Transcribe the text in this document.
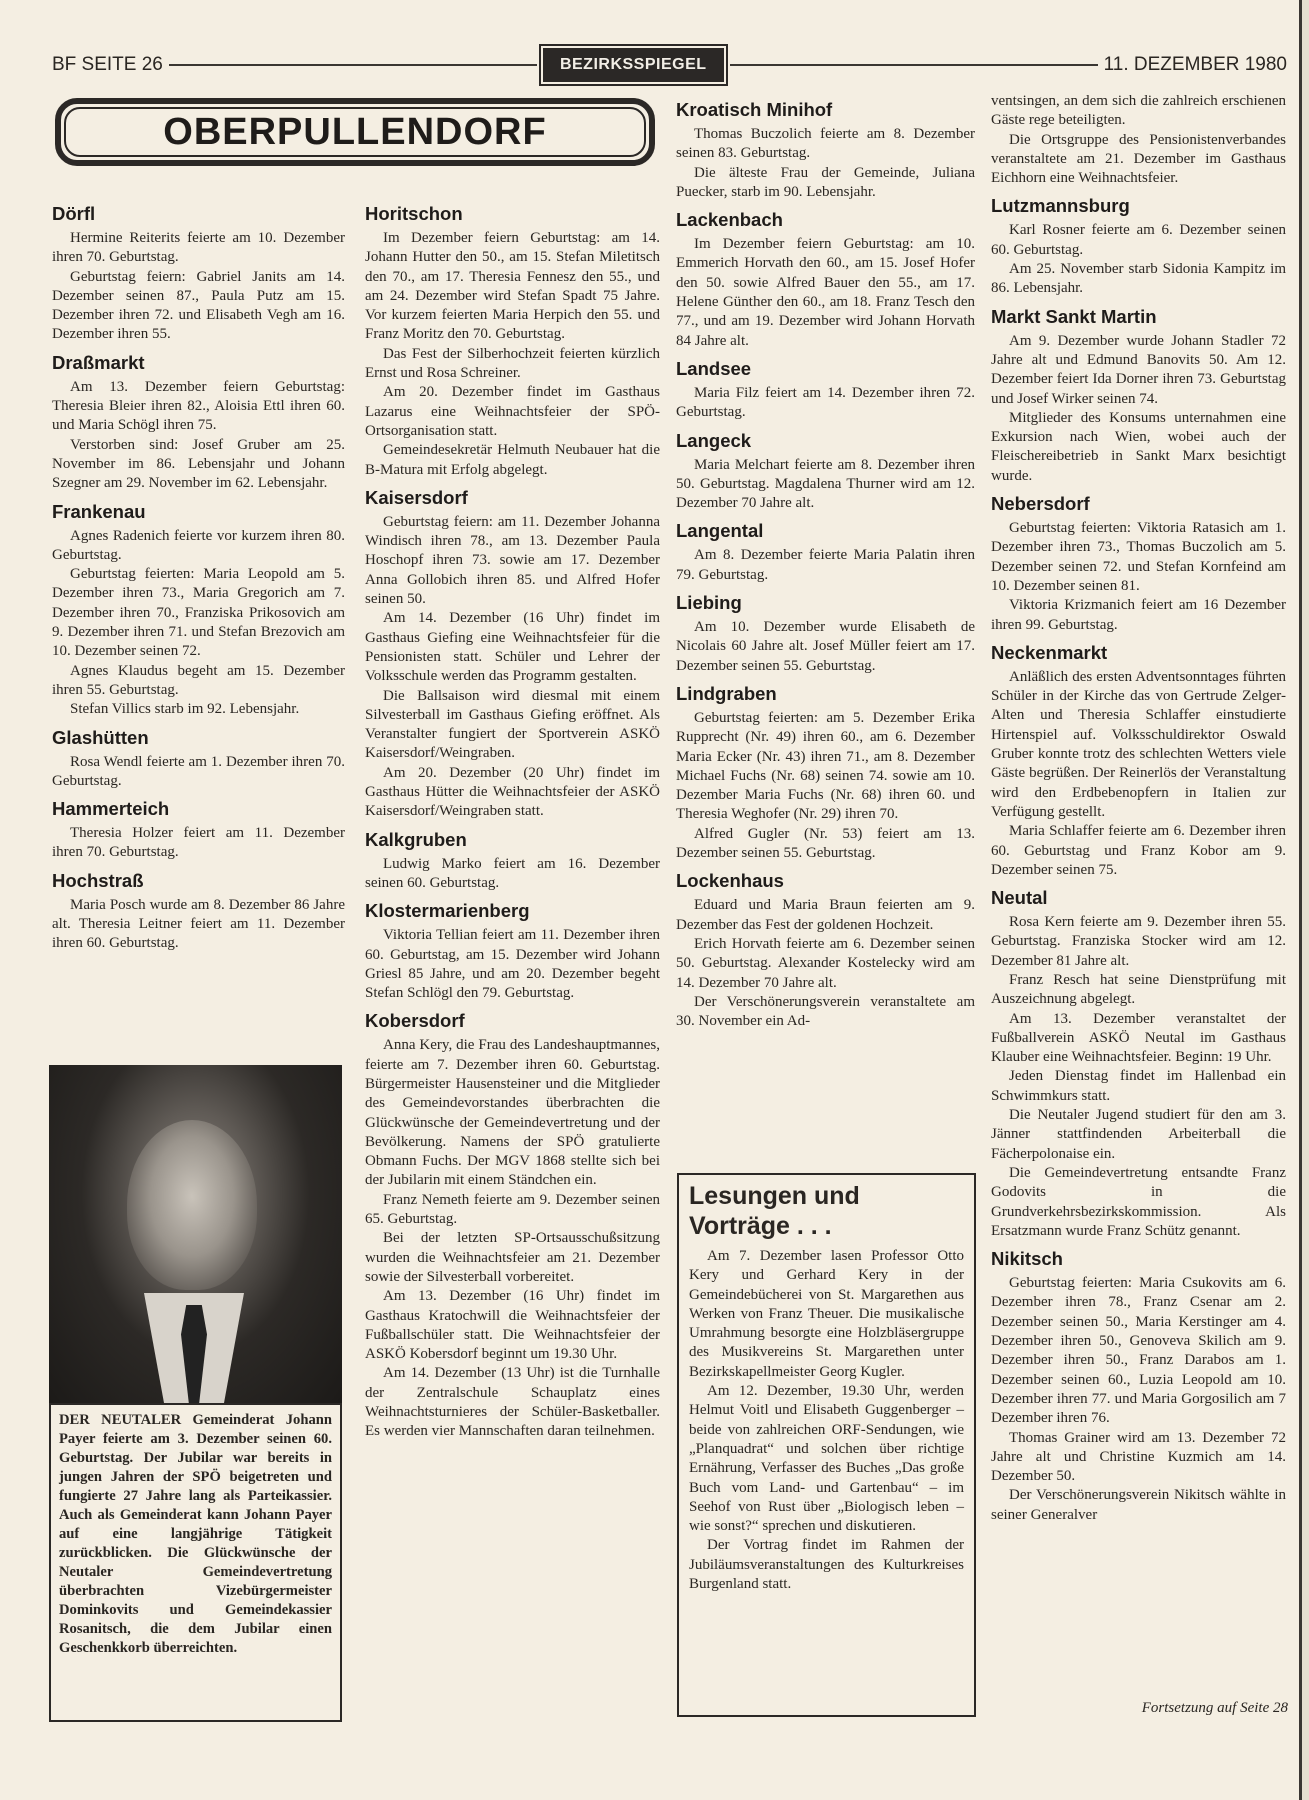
BF SEITE 26	BEZIRKSSPIEGEL	11. DEZEMBER 1980
OBERPULLENDORF
Dörfl

Hermine Reiterits feierte am 10. Dezember ihren 70. Geburtstag.

Geburtstag feiern: Gabriel Janits am 14. Dezember seinen 87., Paula Putz am 15. Dezember ihren 72. und Elisabeth Vegh am 16. Dezember ihren 55.

Draßmarkt

Am 13. Dezember feiern Geburtstag: Theresia Bleier ihren 82., Aloisia Ettl ihren 60. und Maria Schögl ihren 75.

Verstorben sind: Josef Gruber am 25. November im 86. Lebensjahr und Johann Szegner am 29. November im 62. Lebensjahr.

Frankenau

Agnes Radenich feierte vor kurzem ihren 80. Geburtstag.

Geburtstag feierten: Maria Leopold am 5. Dezember ihren 73., Maria Gregorich am 7. Dezember ihren 70., Franziska Prikosovich am 9. Dezember ihren 71. und Stefan Brezovich am 10. Dezember seinen 72.

Agnes Klaudus begeht am 15. Dezember ihren 55. Geburtstag.

Stefan Villics starb im 92. Lebensjahr.

Glashütten

Rosa Wendl feierte am 1. Dezember ihren 70. Geburtstag.

Hammerteich

Theresia Holzer feiert am 11. Dezember ihren 70. Geburtstag.

Hochstraß

Maria Posch wurde am 8. Dezember 86 Jahre alt. Theresia Leitner feiert am 11. Dezember ihren 60. Geburtstag.

Horitschon

Im Dezember feiern Geburtstag: am 14. Johann Hutter den 50., am 15. Stefan Miletitsch den 70., am 17. Theresia Fennesz den 55., und am 24. Dezember wird Stefan Spadt 75 Jahre. Vor kurzem feierten Maria Herpich den 55. und Franz Moritz den 70. Geburtstag.

Das Fest der Silberhochzeit feierten kürzlich Ernst und Rosa Schreiner.

Am 20. Dezember findet im Gasthaus Lazarus eine Weihnachtsfeier der SPÖ-Ortsorganisation statt.

Gemeindesekretär Helmuth Neubauer hat die B-Matura mit Erfolg abgelegt.

Kaisersdorf

Geburtstag feiern: am 11. Dezember Johanna Windisch ihren 78., am 13. Dezember Paula Hoschopf ihren 73. sowie am 17. Dezember Anna Gollobich ihren 85. und Alfred Hofer seinen 50.

Am 14. Dezember (16 Uhr) findet im Gasthaus Giefing eine Weihnachtsfeier für die Pensionisten statt. Schüler und Lehrer der Volksschule werden das Programm gestalten.

Die Ballsaison wird diesmal mit einem Silvesterball im Gasthaus Giefing eröffnet. Als Veranstalter fungiert der Sportverein ASKÖ Kaisersdorf/Weingraben.

Am 20. Dezember (20 Uhr) findet im Gasthaus Hütter die Weihnachtsfeier der ASKÖ Kaisersdorf/Weingraben statt.

Kalkgruben

Ludwig Marko feiert am 16. Dezember seinen 60. Geburtstag.

Klostermarienberg

Viktoria Tellian feiert am 11. Dezember ihren 60. Geburtstag, am 15. Dezember wird Johann Griesl 85 Jahre, und am 20. Dezember begeht Stefan Schlögl den 79. Geburtstag.

Kobersdorf

Anna Kery, die Frau des Landeshauptmannes, feierte am 7. Dezember ihren 60. Geburtstag. Bürgermeister Hausensteiner und die Mitglieder des Gemeindevorstandes überbrachten die Glückwünsche der Gemeindevertretung und der Bevölkerung. Namens der SPÖ gratulierte Obmann Fuchs. Der MGV 1868 stellte sich bei der Jubilarin mit einem Ständchen ein.

Franz Nemeth feierte am 9. Dezember seinen 65. Geburtstag.

Bei der letzten SP-Ortsausschußsitzung wurden die Weihnachtsfeier am 21. Dezember sowie der Silvesterball vorbereitet.

Am 13. Dezember (16 Uhr) findet im Gasthaus Kratochwill die Weihnachtsfeier der Fußballschüler statt. Die Weihnachtsfeier der ASKÖ Kobersdorf beginnt um 19.30 Uhr.

Am 14. Dezember (13 Uhr) ist die Turnhalle der Zentralschule Schauplatz eines Weihnachtsturnieres der Schüler-Basketballer. Es werden vier Mannschaften daran teilnehmen.

Kroatisch Minihof

Thomas Buczolich feierte am 8. Dezember seinen 83. Geburtstag.

Die älteste Frau der Gemeinde, Juliana Puecker, starb im 90. Lebensjahr.

Lackenbach

Im Dezember feiern Geburtstag: am 10. Emmerich Horvath den 60., am 15. Josef Hofer den 50. sowie Alfred Bauer den 55., am 17. Helene Günther den 60., am 18. Franz Tesch den 77., und am 19. Dezember wird Johann Horvath 84 Jahre alt.

Landsee

Maria Filz feiert am 14. Dezember ihren 72. Geburtstag.

Langeck

Maria Melchart feierte am 8. Dezember ihren 50. Geburtstag. Magdalena Thurner wird am 12. Dezember 70 Jahre alt.

Langental

Am 8. Dezember feierte Maria Palatin ihren 79. Geburtstag.

Liebing

Am 10. Dezember wurde Elisabeth de Nicolais 60 Jahre alt. Josef Müller feiert am 17. Dezember seinen 55. Geburtstag.

Lindgraben

Geburtstag feierten: am 5. Dezember Erika Rupprecht (Nr. 49) ihren 60., am 6. Dezember Maria Ecker (Nr. 43) ihren 71., am 8. Dezember Michael Fuchs (Nr. 68) seinen 74. sowie am 10. Dezember Maria Fuchs (Nr. 68) ihren 60. und Theresia Weghofer (Nr. 29) ihren 70.

Alfred Gugler (Nr. 53) feiert am 13. Dezember seinen 55. Geburtstag.

Lockenhaus

Eduard und Maria Braun feierten am 9. Dezember das Fest der goldenen Hochzeit.

Erich Horvath feierte am 6. Dezember seinen 50. Geburtstag. Alexander Kostelecky wird am 14. Dezember 70 Jahre alt.

Der Verschönerungsverein veranstaltete am 30. November ein Ad-

ventsingen, an dem sich die zahlreich erschienen Gäste rege beteiligten.

Die Ortsgruppe des Pensionistenverbandes veranstaltete am 21. Dezember im Gasthaus Eichhorn eine Weihnachtsfeier.

Lutzmannsburg

Karl Rosner feierte am 6. Dezember seinen 60. Geburtstag.

Am 25. November starb Sidonia Kampitz im 86. Lebensjahr.

Markt Sankt Martin

Am 9. Dezember wurde Johann Stadler 72 Jahre alt und Edmund Banovits 50. Am 12. Dezember feiert Ida Dorner ihren 73. Geburtstag und Josef Wirker seinen 74.

Mitglieder des Konsums unternahmen eine Exkursion nach Wien, wobei auch der Fleischereibetrieb in Sankt Marx besichtigt wurde.

Nebersdorf

Geburtstag feierten: Viktoria Ratasich am 1. Dezember ihren 73., Thomas Buczolich am 5. Dezember seinen 72. und Stefan Kornfeind am 10. Dezember seinen 81.

Viktoria Krizmanich feiert am 16 Dezember ihren 99. Geburtstag.

Neckenmarkt

Anläßlich des ersten Adventsonntages führten Schüler in der Kirche das von Gertrude Zelger-Alten und Theresia Schlaffer einstudierte Hirtenspiel auf. Volksschuldirektor Oswald Gruber konnte trotz des schlechten Wetters viele Gäste begrüßen. Der Reinerlös der Veranstaltung wird den Erdbebenopfern in Italien zur Verfügung gestellt.

Maria Schlaffer feierte am 6. Dezember ihren 60. Geburtstag und Franz Kobor am 9. Dezember seinen 75.

Neutal

Rosa Kern feierte am 9. Dezember ihren 55. Geburtstag. Franziska Stocker wird am 12. Dezember 81 Jahre alt.

Franz Resch hat seine Dienstprüfung mit Auszeichnung abgelegt.

Am 13. Dezember veranstaltet der Fußballverein ASKÖ Neutal im Gasthaus Klauber eine Weihnachtsfeier. Beginn: 19 Uhr.

Jeden Dienstag findet im Hallenbad ein Schwimmkurs statt.

Die Neutaler Jugend studiert für den am 3. Jänner stattfindenden Arbeiterball die Fächerpolonaise ein.

Die Gemeindevertretung entsandte Franz Godovits in die Grundverkehrsbezirkskommission. Als Ersatzmann wurde Franz Schütz genannt.

Nikitsch

Geburtstag feierten: Maria Csukovits am 6. Dezember ihren 78., Franz Csenar am 2. Dezember seinen 50., Maria Kerstinger am 4. Dezember ihren 50., Genoveva Skilich am 9. Dezember ihren 50., Franz Darabos am 1. Dezember seinen 60., Luzia Leopold am 10. Dezember ihren 77. und Maria Gorgosilich am 7 Dezember ihren 76.

Thomas Grainer wird am 13. Dezember 72 Jahre alt und Christine Kuzmich am 14. Dezember 50.

Der Verschönerungsverein Nikitsch wählte in seiner Generalver

DER NEUTALER Gemeinderat Johann Payer feierte am 3. Dezember seinen 60. Geburtstag. Der Jubilar war bereits in jungen Jahren der SPÖ beigetreten und fungierte 27 Jahre lang als Parteikassier. Auch als Gemeinderat kann Johann Payer auf eine langjährige Tätigkeit zurückblicken. Die Glückwünsche der Neutaler Gemeindevertretung überbrachten Vizebürgermeister Dominkovits und Gemeindekassier Rosanitsch, die dem Jubilar einen Geschenkkorb überreichten.
Lesungen und Vorträge . . .

Am 7. Dezember lasen Professor Otto Kery und Gerhard Kery in der Gemeindebücherei von St. Margarethen aus Werken von Franz Theuer. Die musikalische Umrahmung besorgte eine Holzbläsergruppe des Musikvereins St. Margarethen unter Bezirkskapellmeister Georg Kugler.

Am 12. Dezember, 19.30 Uhr, werden Helmut Voitl und Elisabeth Guggenberger – beide von zahlreichen ORF-Sendungen, wie „Planquadrat“ und solchen über richtige Ernährung, Verfasser des Buches „Das große Buch vom Land- und Gartenbau“ – im Seehof von Rust über „Biologisch leben – wie sonst?“ sprechen und diskutieren.

Der Vortrag findet im Rahmen der Jubiläumsveranstaltungen des Kulturkreises Burgenland statt.

Fortsetzung auf Seite 28
